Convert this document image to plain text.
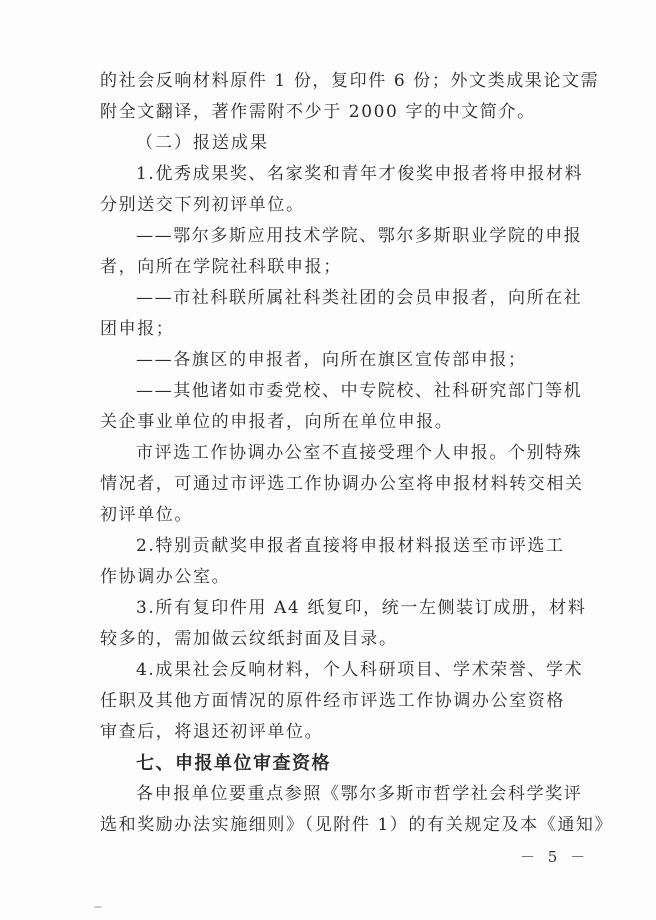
的社会反响材料原件 1 份，复印件 6 份；外文类成果论文需
附全文翻译，著作需附不少于 2000 字的中文简介。
（二）报送成果
1.优秀成果奖、名家奖和青年才俊奖申报者将申报材料
分别送交下列初评单位。
——鄂尔多斯应用技术学院、鄂尔多斯职业学院的申报
者，向所在学院社科联申报；
——市社科联所属社科类社团的会员申报者，向所在社
团申报；
——各旗区的申报者，向所在旗区宣传部申报；
——其他诸如市委党校、中专院校、社科研究部门等机
关企事业单位的申报者，向所在单位申报。
市评选工作协调办公室不直接受理个人申报。个别特殊
情况者，可通过市评选工作协调办公室将申报材料转交相关
初评单位。
2.特别贡献奖申报者直接将申报材料报送至市评选工
作协调办公室。
3.所有复印件用 A4 纸复印，统一左侧装订成册，材料
较多的，需加做云纹纸封面及目录。
4.成果社会反响材料，个人科研项目、学术荣誉、学术
任职及其他方面情况的原件经市评选工作协调办公室资格
审查后，将退还初评单位。
七、申报单位审查资格
各申报单位要重点参照《鄂尔多斯市哲学社会科学奖评
选和奖励办法实施细则》（见附件 1）的有关规定及本《通知》
－ 5 －
